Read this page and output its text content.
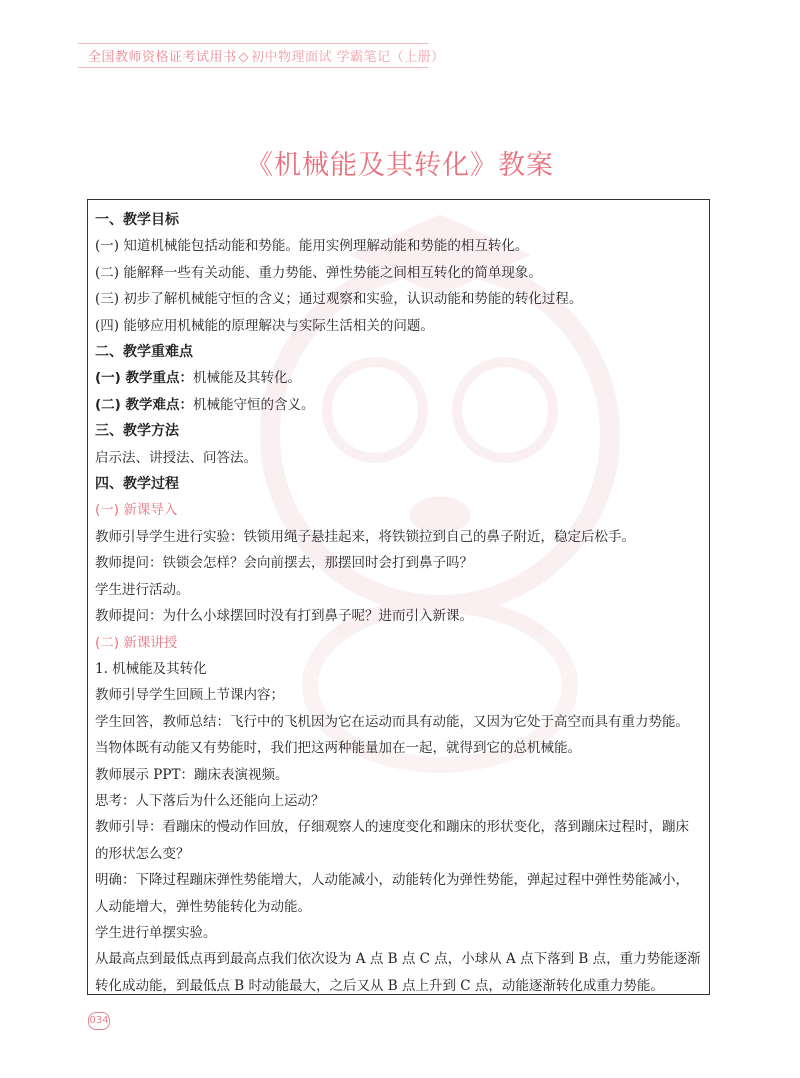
全国教师资格证考试用书 ◇ 初中物理面试 学霸笔记（上册）
《机械能及其转化》教案
一、教学目标
(一) 知道机械能包括动能和势能。能用实例理解动能和势能的相互转化。
(二) 能解释一些有关动能、重力势能、弹性势能之间相互转化的简单现象。
(三) 初步了解机械能守恒的含义；通过观察和实验，认识动能和势能的转化过程。
(四) 能够应用机械能的原理解决与实际生活相关的问题。
二、教学重难点
(一) 教学重点：机械能及其转化。
(二) 教学难点：机械能守恒的含义。
三、教学方法
启示法、讲授法、问答法。
四、教学过程
(一) 新课导入
教师引导学生进行实验：铁锁用绳子悬挂起来，将铁锁拉到自己的鼻子附近，稳定后松手。
教师提问：铁锁会怎样？会向前摆去，那摆回时会打到鼻子吗？
学生进行活动。
教师提问：为什么小球摆回时没有打到鼻子呢？进而引入新课。
(二) 新课讲授
1. 机械能及其转化
教师引导学生回顾上节课内容；
学生回答，教师总结：飞行中的飞机因为它在运动而具有动能，又因为它处于高空而具有重力势能。
当物体既有动能又有势能时，我们把这两种能量加在一起，就得到它的总机械能。
教师展示 PPT：蹦床表演视频。
思考：人下落后为什么还能向上运动？
教师引导：看蹦床的慢动作回放，仔细观察人的速度变化和蹦床的形状变化，落到蹦床过程时，蹦床
的形状怎么变？
明确：下降过程蹦床弹性势能增大，人动能减小，动能转化为弹性势能，弹起过程中弹性势能减小，
人动能增大，弹性势能转化为动能。
学生进行单摆实验。
从最高点到最低点再到最高点我们依次设为 A 点 B 点 C 点，小球从 A 点下落到 B 点，重力势能逐渐
转化成动能，到最低点 B 时动能最大，之后又从 B 点上升到 C 点，动能逐渐转化成重力势能。
034
